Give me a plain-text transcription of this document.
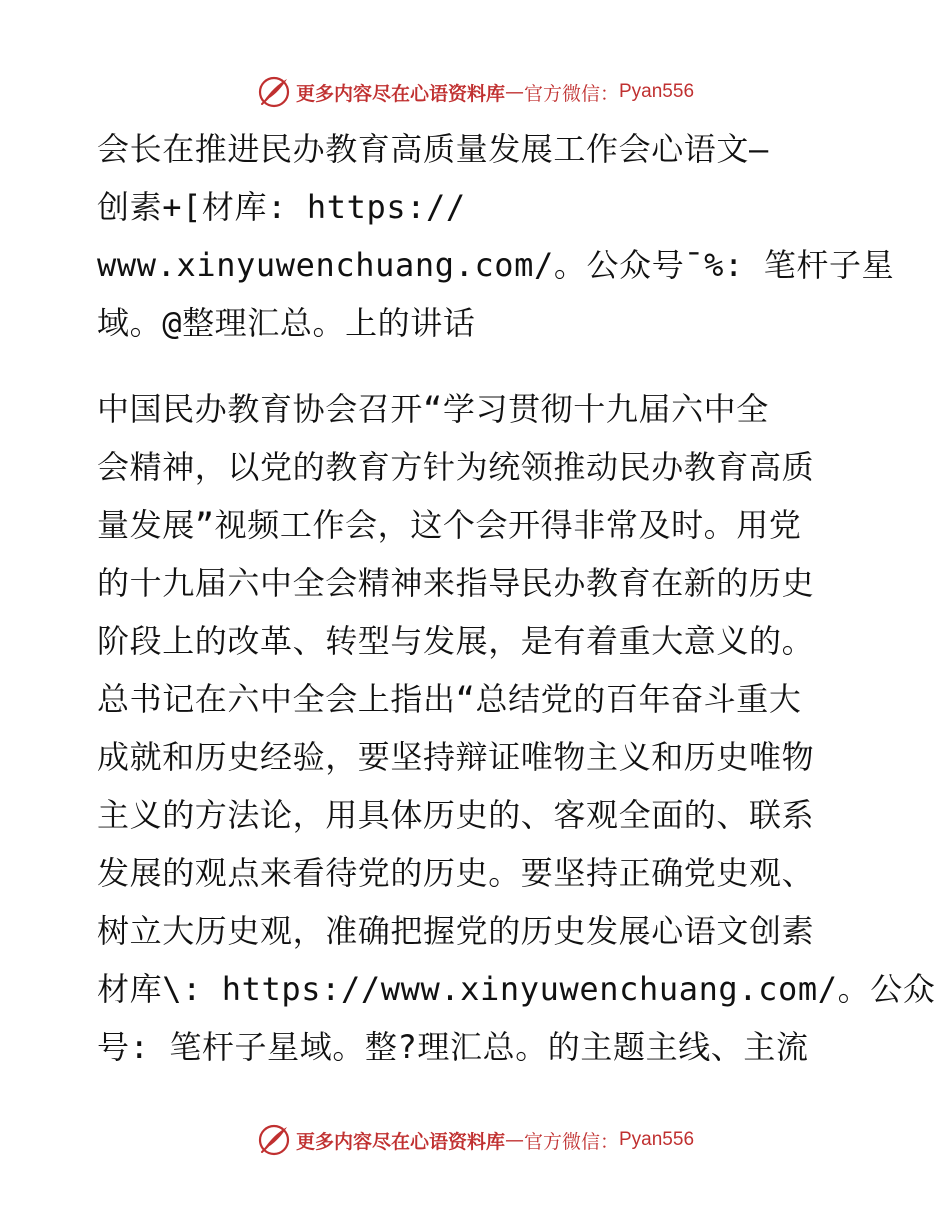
更多内容尽在心语资料库 — 官方微信： Pyan556
会长在推进民办教育高质量发展工作会心语文—
创素+[材库: https://
www.xinyuwenchuang.com/。公众号¯%: 笔杆子星
域。@整理汇总。上的讲话
中国民办教育协会召开“学习贯彻十九届六中全
会精神，以党的教育方针为统领推动民办教育高质
量发展”视频工作会，这个会开得非常及时。用党
的十九届六中全会精神来指导民办教育在新的历史
阶段上的改革、转型与发展，是有着重大意义的。
总书记在六中全会上指出“总结党的百年奋斗重大
成就和历史经验，要坚持辩证唯物主义和历史唯物
主义的方法论，用具体历史的、客观全面的、联系
发展的观点来看待党的历史。要坚持正确党史观、
树立大历史观，准确把握党的历史发展心语文创素
材库\: https://www.xinyuwenchuang.com/。公众
号: 笔杆子星域。整?理汇总。的主题主线、主流
更多内容尽在心语资料库 — 官方微信： Pyan556
